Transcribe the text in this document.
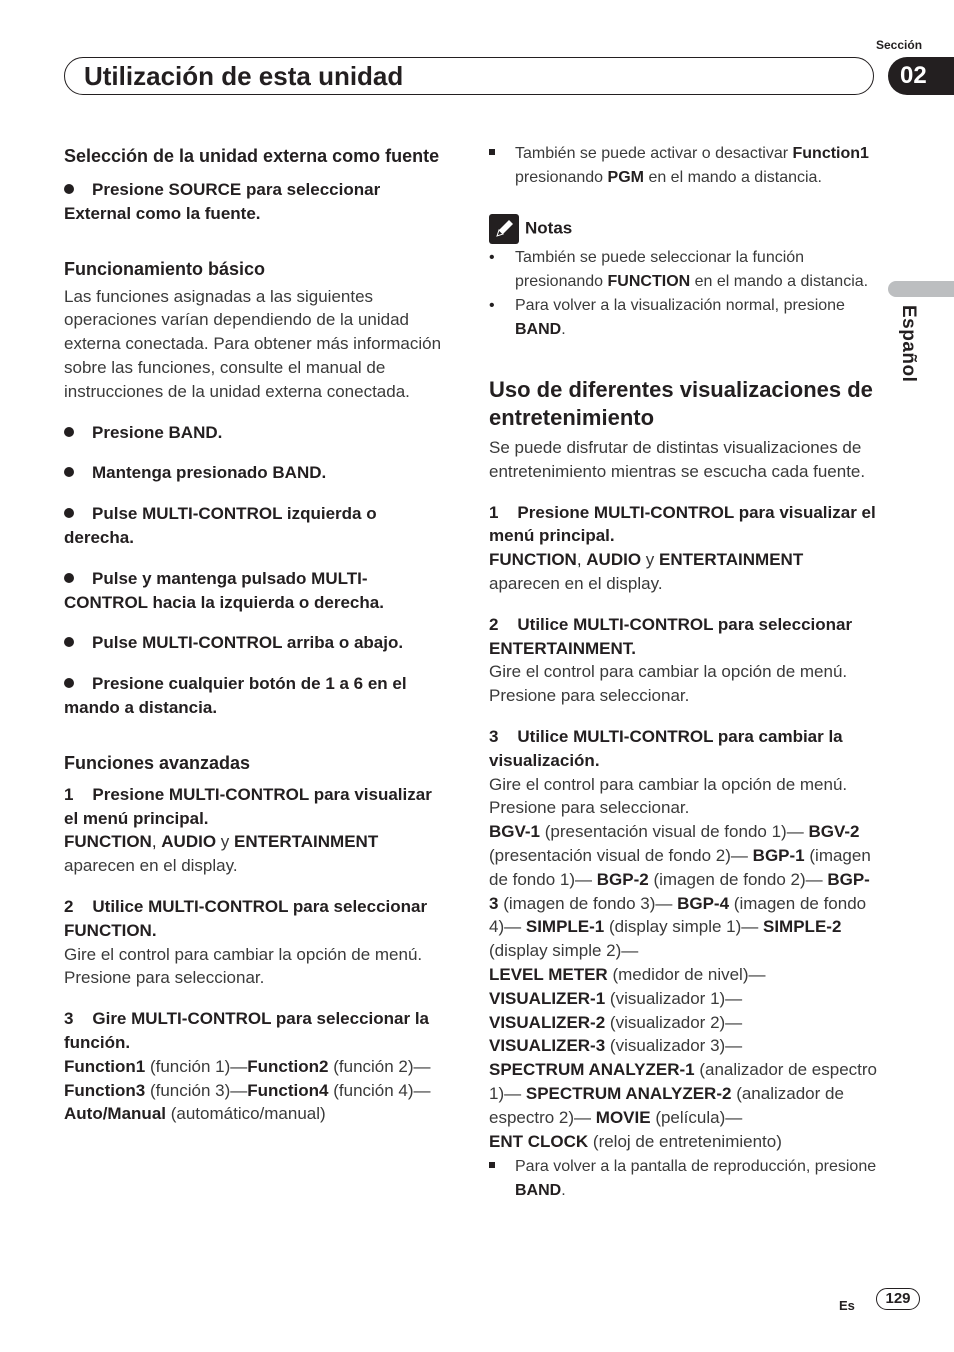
Utilización de esta unidad
Sección
02
Español

Selección de la unidad externa como fuente

Presione SOURCE para seleccionar External como la fuente.

Funcionamiento básico

Las funciones asignadas a las siguientes operaciones varían dependiendo de la unidad externa conectada. Para obtener más información sobre las funciones, consulte el manual de instrucciones de la unidad externa conectada.

Presione BAND.

Mantenga presionado BAND.

Pulse MULTI-CONTROL izquierda o derecha.

Pulse y mantenga pulsado MULTI-CONTROL hacia la izquierda o derecha.

Pulse MULTI-CONTROL arriba o abajo.

Presione cualquier botón de 1 a 6 en el mando a distancia.

Funciones avanzadas

1 Presione MULTI-CONTROL para visualizar el menú principal.

FUNCTION, AUDIO y ENTERTAINMENT aparecen en el display.

2 Utilice MULTI-CONTROL para seleccionar FUNCTION.

Gire el control para cambiar la opción de menú. Presione para seleccionar.

3 Gire MULTI-CONTROL para seleccionar la función.

Function1 (función 1)—Function2 (función 2)—Function3 (función 3)—Function4 (función 4)—Auto/Manual (automático/manual)

También se puede activar o desactivar Function1 presionando PGM en el mando a distancia.

Notas

• También se puede seleccionar la función presionando FUNCTION en el mando a distancia.

• Para volver a la visualización normal, presione BAND.

Uso de diferentes visualizaciones de entretenimiento

Se puede disfrutar de distintas visualizaciones de entretenimiento mientras se escucha cada fuente.

1 Presione MULTI-CONTROL para visualizar el menú principal.

FUNCTION, AUDIO y ENTERTAINMENT aparecen en el display.

2 Utilice MULTI-CONTROL para seleccionar ENTERTAINMENT.

Gire el control para cambiar la opción de menú. Presione para seleccionar.

3 Utilice MULTI-CONTROL para cambiar la visualización.

Gire el control para cambiar la opción de menú. Presione para seleccionar.

BGV-1 (presentación visual de fondo 1)— BGV-2 (presentación visual de fondo 2)— BGP-1 (imagen de fondo 1)— BGP-2 (imagen de fondo 2)— BGP-3 (imagen de fondo 3)— BGP-4 (imagen de fondo 4)— SIMPLE-1 (display simple 1)— SIMPLE-2 (display simple 2)—
LEVEL METER (medidor de nivel)—
VISUALIZER-1 (visualizador 1)—
VISUALIZER-2 (visualizador 2)—
VISUALIZER-3 (visualizador 3)—
SPECTRUM ANALYZER-1 (analizador de espectro 1)— SPECTRUM ANALYZER-2 (analizador de espectro 2)— MOVIE (película)—
ENT CLOCK (reloj de entretenimiento)

Para volver a la pantalla de reproducción, presione BAND.

Es	129
